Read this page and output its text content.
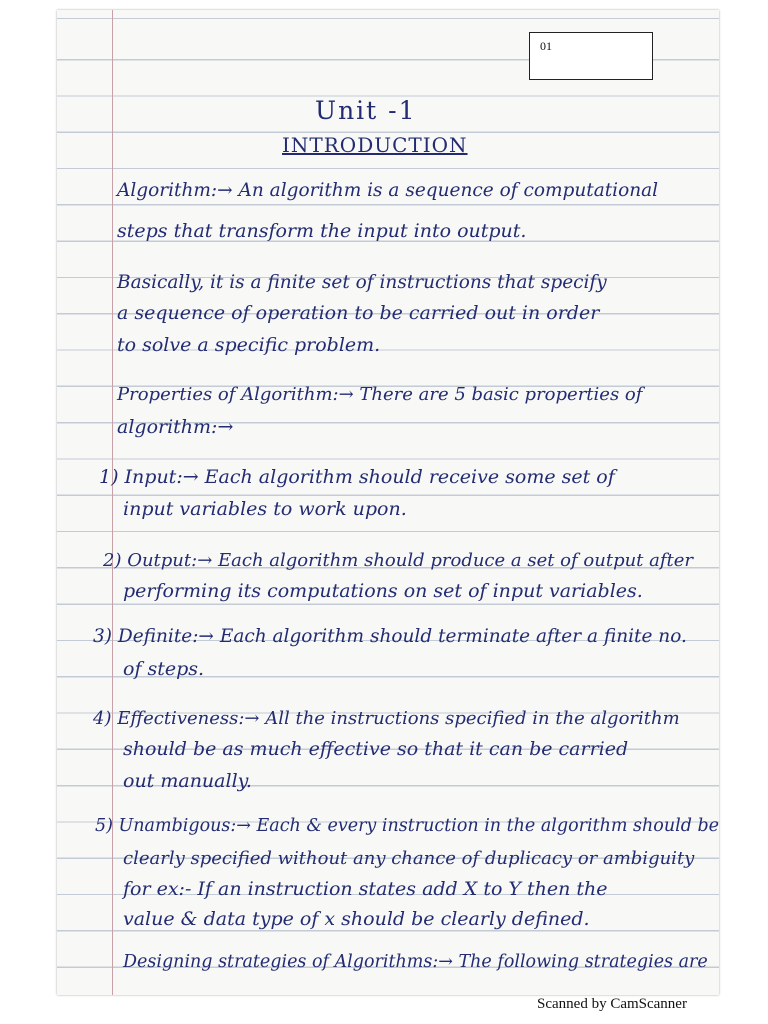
01

Unit -1

INTRODUCTION

Algorithm:→ An algorithm is a sequence of computational

steps that transform the input into output.

Basically, it is a finite set of instructions that specify

a sequence of operation to be carried out in order

to solve a specific problem.

Properties of Algorithm:→ There are 5 basic properties of

algorithm:→

1) Input:→ Each algorithm should receive some set of

input variables to work upon.

2) Output:→ Each algorithm should produce a set of output after

performing its computations on set of input variables.

3) Definite:→ Each algorithm should terminate after a finite no.

of steps.

4) Effectiveness:→ All the instructions specified in the algorithm

should be as much effective so that it can be carried

out manually.

5) Unambigous:→ Each & every instruction in the algorithm should be

clearly specified without any chance of duplicacy or ambiguity

for ex:- If an instruction states add X to Y then the

value & data type of x should be clearly defined.

Designing strategies of Algorithms:→ The following strategies are

Scanned by CamScanner
